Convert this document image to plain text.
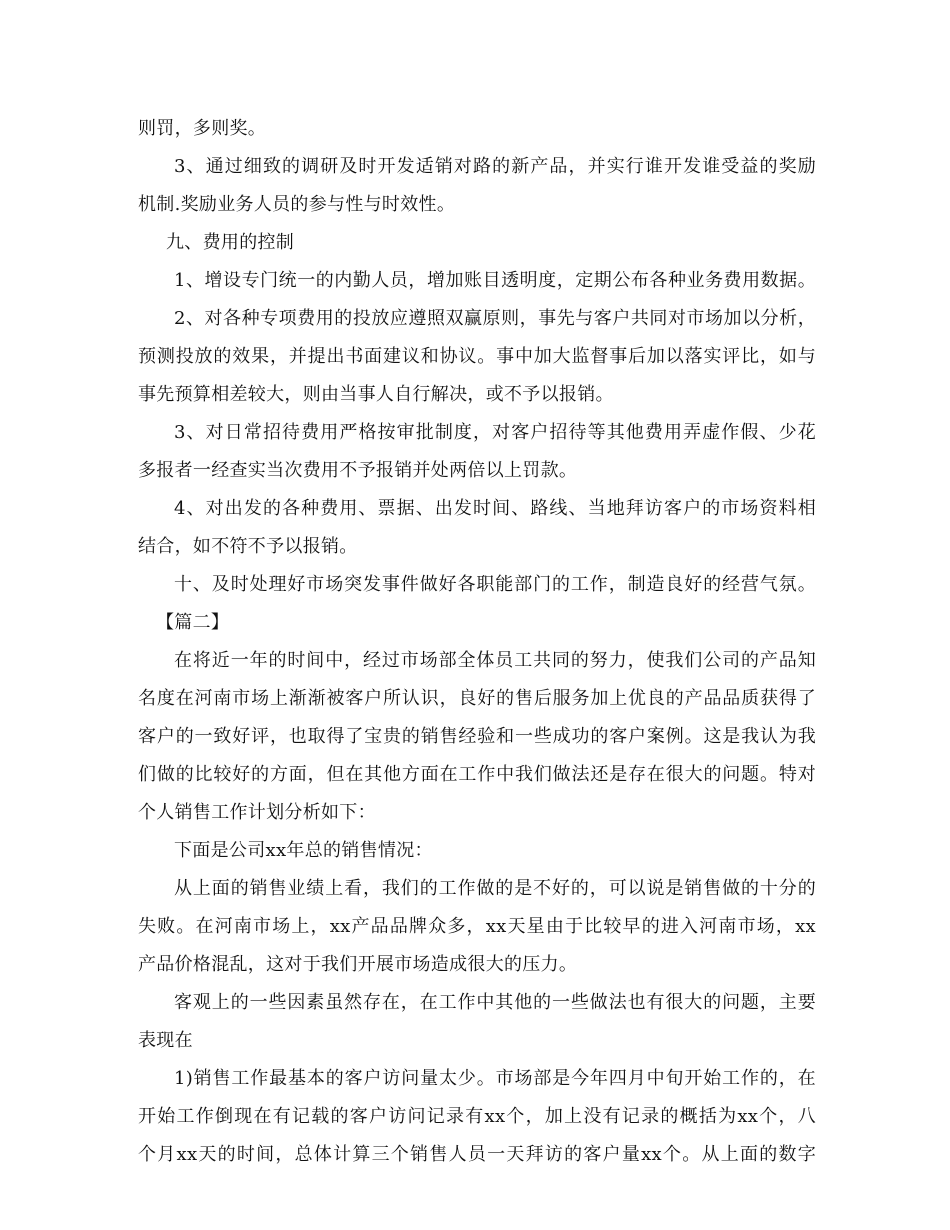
则罚，多则奖。
3、通过细致的调研及时开发适销对路的新产品，并实行谁开发谁受益的奖励
机制.奖励业务人员的参与性与时效性。
九、费用的控制
1、增设专门统一的内勤人员，增加账目透明度，定期公布各种业务费用数据。
2、对各种专项费用的投放应遵照双赢原则，事先与客户共同对市场加以分析，
预测投放的效果，并提出书面建议和协议。事中加大监督事后加以落实评比，如与
事先预算相差较大，则由当事人自行解决，或不予以报销。
3、对日常招待费用严格按审批制度，对客户招待等其他费用弄虚作假、少花
多报者一经查实当次费用不予报销并处两倍以上罚款。
4、对出发的各种费用、票据、出发时间、路线、当地拜访客户的市场资料相
结合，如不符不予以报销。
十、及时处理好市场突发事件做好各职能部门的工作，制造良好的经营气氛。
【篇二】
在将近一年的时间中，经过市场部全体员工共同的努力，使我们公司的产品知
名度在河南市场上渐渐被客户所认识，良好的售后服务加上优良的产品品质获得了
客户的一致好评，也取得了宝贵的销售经验和一些成功的客户案例。这是我认为我
们做的比较好的方面，但在其他方面在工作中我们做法还是存在很大的问题。特对
个人销售工作计划分析如下：
下面是公司xx年总的销售情况：
从上面的销售业绩上看，我们的工作做的是不好的，可以说是销售做的十分的
失败。在河南市场上，xx产品品牌众多，xx天星由于比较早的进入河南市场，xx
产品价格混乱，这对于我们开展市场造成很大的压力。
客观上的一些因素虽然存在，在工作中其他的一些做法也有很大的问题，主要
表现在
1)销售工作最基本的客户访问量太少。市场部是今年四月中旬开始工作的，在
开始工作倒现在有记载的客户访问记录有xx个，加上没有记录的概括为xx个，八
个月xx天的时间，总体计算三个销售人员一天拜访的客户量xx个。从上面的数字
